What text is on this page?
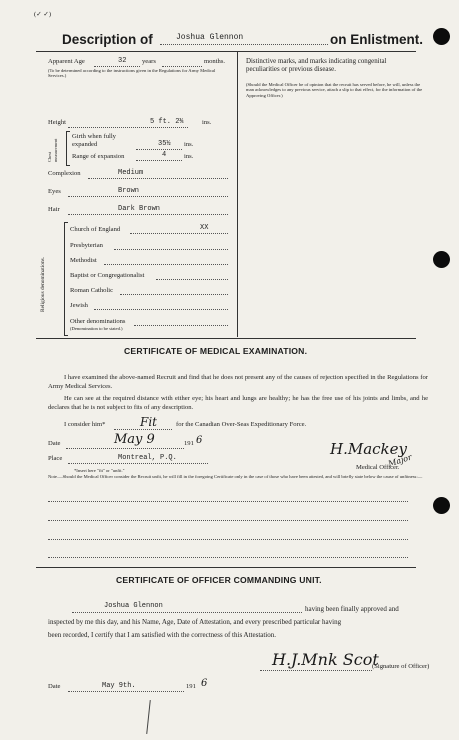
(✓ ✓)
Description of	Joshua Glennon	on Enlistment.
Apparent Age	32 years	months.
(To be determined according to the instructions given in the Regulations for Army Medical Services.)
Height	5 ft. 2¾	ins.
Chest measurement
Girth when fully expanded	35½ ins.
Range of expansion	4	ins.
Complexion	Medium
Eyes	Brown
Hair	Dark Brown
Religious denominations.
Church of England	XX
Presbyterian
Methodist
Baptist or Congregationalist
Roman Catholic
Jewish
Other denominations
(Denomination to be stated.)
Distinctive marks, and marks indicating congenital peculiarities or previous disease.
(Should the Medical Officer be of opinion that the recruit has served before, he will, unless the man acknowledges to any previous service, attach a slip to that effect, for the information of the Approving Officer.)
CERTIFICATE OF MEDICAL EXAMINATION.
I have examined the above-named Recruit and find that he does not present any of the causes of rejection specified in the Regulations for Army Medical Services.
He can see at the required distance with either eye; his heart and lungs are healthy; he has the free use of his joints and limbs, and he declares that he is not subject to fits of any description.
I consider him*	Fit	for the Canadian Over-Seas Expeditionary Force.
Date	May 9	191 6
Place	Montreal, P.Q.
*Insert here "fit" or "unfit."
H.Mackey
Major
Medical Officer.
Note.—Should the Medical Officer consider the Recruit unfit, he will fill in the foregoing Certificate only in the case of those who have been attested, and will briefly state below the cause of unfitness:—
CERTIFICATE OF OFFICER COMMANDING UNIT.
Joshua Glennon	having been finally approved and
inspected by me this day, and his Name, Age, Date of Attestation, and every prescribed particular having
been recorded, I certify that I am satisfied with the correctness of this Attestation.
H.J.Mnk Scot
(Signature of Officer)
Date	May 9th.	191 6
